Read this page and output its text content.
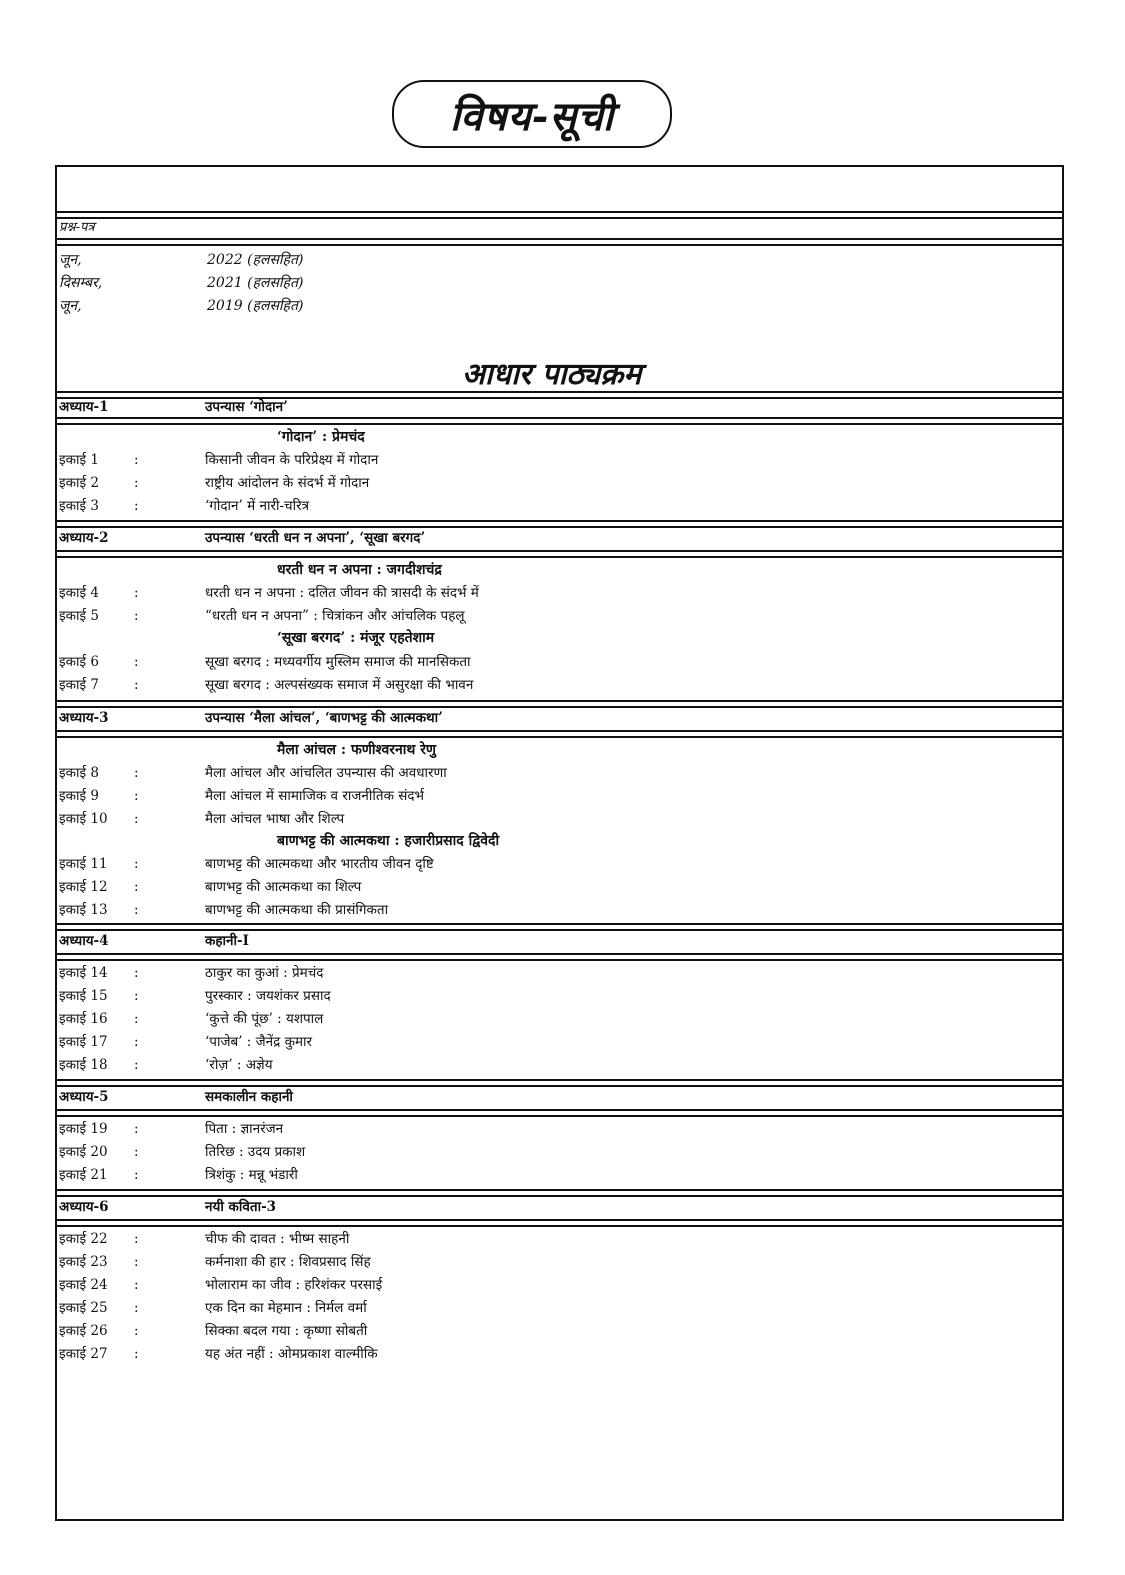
विषय-सूची
प्रश्न-पत्र
जून,	2022 (हलसहित)
दिसम्बर,	2021 (हलसहित)
जून,	2019 (हलसहित)
आधार पाठ्यक्रम
अध्याय-1	उपन्यास ‘गोदान’
‘गोदान’ : प्रेमचंद
इकाई 1	:	किसानी जीवन के परिप्रेक्ष्य में गोदान
इकाई 2	:	राष्ट्रीय आंदोलन के संदर्भ में गोदान
इकाई 3	:	‘गोदान’ में नारी-चरित्र
अध्याय-2	उपन्यास ‘धरती धन न अपना’, ‘सूखा बरगद’
धरती धन न अपना : जगदीशचंद्र
इकाई 4	:	धरती धन न अपना : दलित जीवन की त्रासदी के संदर्भ में
इकाई 5	:	“धरती धन न अपना” : चित्रांकन और आंचलिक पहलू
‘सूखा बरगद’ : मंजूर एहतेशाम
इकाई 6	:	सूखा बरगद : मध्यवर्गीय मुस्लिम समाज की मानसिकता
इकाई 7	:	सूखा बरगद : अल्पसंख्यक समाज में असुरक्षा की भावन
अध्याय-3	उपन्यास ‘मैला आंचल’, ‘बाणभट्ट की आत्मकथा’
मैला आंचल : फणीश्वरनाथ रेणु
इकाई 8	:	मैला आंचल और आंचलित उपन्यास की अवधारणा
इकाई 9	:	मैला आंचल में सामाजिक व राजनीतिक संदर्भ
इकाई 10	:	मैला आंचल भाषा और शिल्प
बाणभट्ट की आत्मकथा : हजारीप्रसाद द्विवेदी
इकाई 11	:	बाणभट्ट की आत्मकथा और भारतीय जीवन दृष्टि
इकाई 12	:	बाणभट्ट की आत्मकथा का शिल्प
इकाई 13	:	बाणभट्ट की आत्मकथा की प्रासंगिकता
अध्याय-4	कहानी-I
इकाई 14	:	ठाकुर का कुआं : प्रेमचंद
इकाई 15	:	पुरस्कार : जयशंकर प्रसाद
इकाई 16	:	‘कुत्ते की पूंछ’ : यशपाल
इकाई 17	:	‘पाजेब’ : जैनेंद्र कुमार
इकाई 18	:	‘रोज़’ : अज्ञेय
अध्याय-5	समकालीन कहानी
इकाई 19	:	पिता : ज्ञानरंजन
इकाई 20	:	तिरिछ : उदय प्रकाश
इकाई 21	:	त्रिशंकु : मन्नू भंडारी
अध्याय-6	नयी कविता-3
इकाई 22	:	चीफ की दावत : भीष्म साहनी
इकाई 23	:	कर्मनाशा की हार : शिवप्रसाद सिंह
इकाई 24	:	भोलाराम का जीव : हरिशंकर परसाई
इकाई 25	:	एक दिन का मेहमान : निर्मल वर्मा
इकाई 26	:	सिक्का बदल गया : कृष्णा सोबती
इकाई 27	:	यह अंत नहीं : ओमप्रकाश वाल्मीकि
